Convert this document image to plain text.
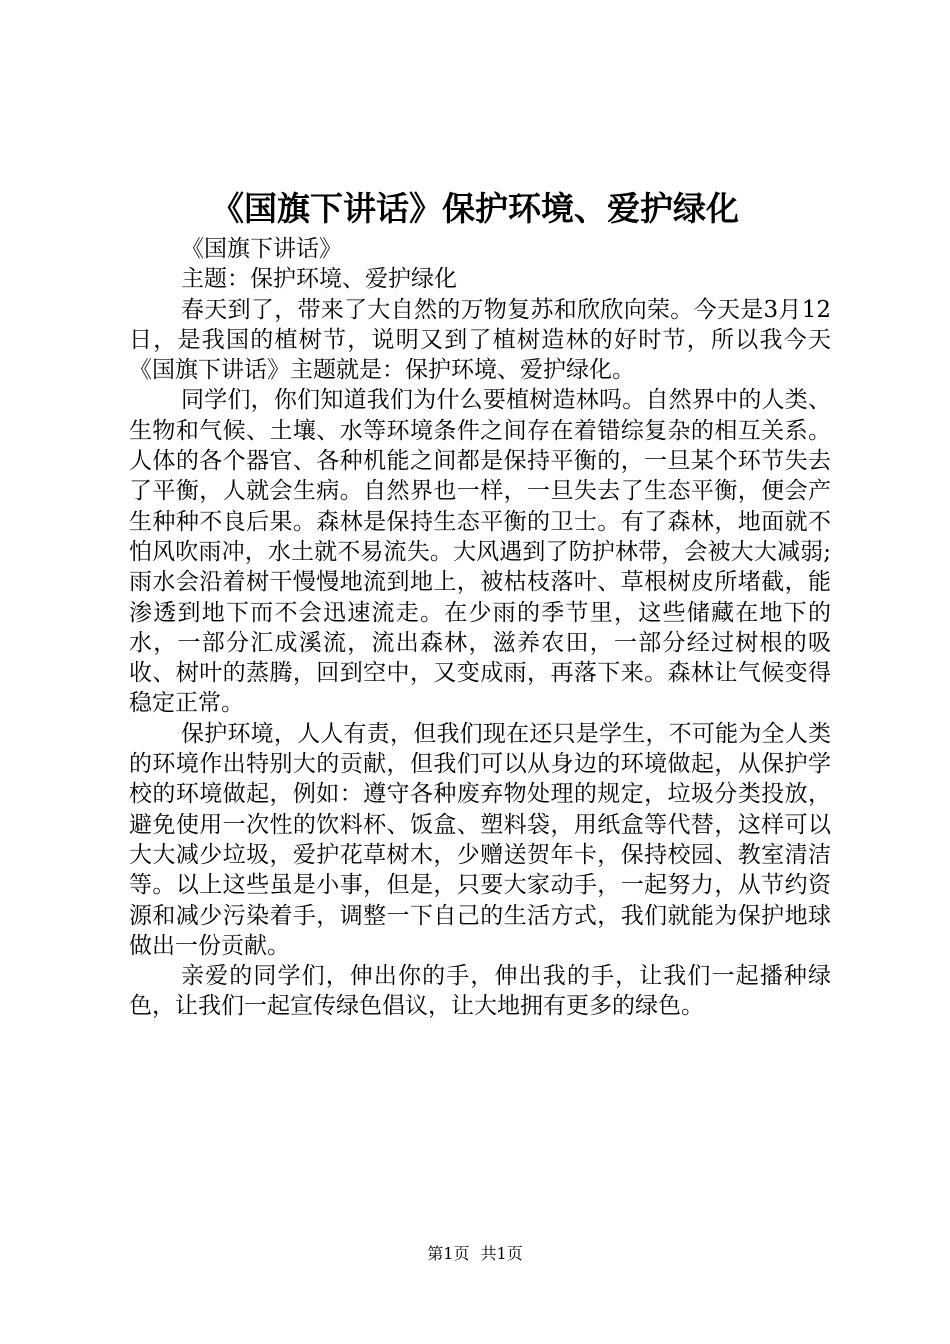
《国旗下讲话》保护环境、爱护绿化

《国旗下讲话》

主题：保护环境、爱护绿化

春天到了，带来了大自然的万物复苏和欣欣向荣。今天是3月12日，是我国的植树节，说明又到了植树造林的好时节，所以我今天《国旗下讲话》主题就是：保护环境、爱护绿化。

同学们，你们知道我们为什么要植树造林吗。自然界中的人类、生物和气候、土壤、水等环境条件之间存在着错综复杂的相互关系。人体的各个器官、各种机能之间都是保持平衡的，一旦某个环节失去了平衡，人就会生病。自然界也一样，一旦失去了生态平衡，便会产生种种不良后果。森林是保持生态平衡的卫士。有了森林，地面就不怕风吹雨冲，水土就不易流失。大风遇到了防护林带，会被大大减弱;雨水会沿着树干慢慢地流到地上，被枯枝落叶、草根树皮所堵截，能渗透到地下而不会迅速流走。在少雨的季节里，这些储藏在地下的水，一部分汇成溪流，流出森林，滋养农田，一部分经过树根的吸收、树叶的蒸腾，回到空中，又变成雨，再落下来。森林让气候变得稳定正常。

保护环境，人人有责，但我们现在还只是学生，不可能为全人类的环境作出特别大的贡献，但我们可以从身边的环境做起，从保护学校的环境做起，例如：遵守各种废弃物处理的规定，垃圾分类投放，避免使用一次性的饮料杯、饭盒、塑料袋，用纸盒等代替，这样可以大大减少垃圾，爱护花草树木，少赠送贺年卡，保持校园、教室清洁等。以上这些虽是小事，但是，只要大家动手，一起努力，从节约资源和减少污染着手，调整一下自己的生活方式，我们就能为保护地球做出一份贡献。

亲爱的同学们，伸出你的手，伸出我的手，让我们一起播种绿色，让我们一起宣传绿色倡议，让大地拥有更多的绿色。

第1页 共1页
